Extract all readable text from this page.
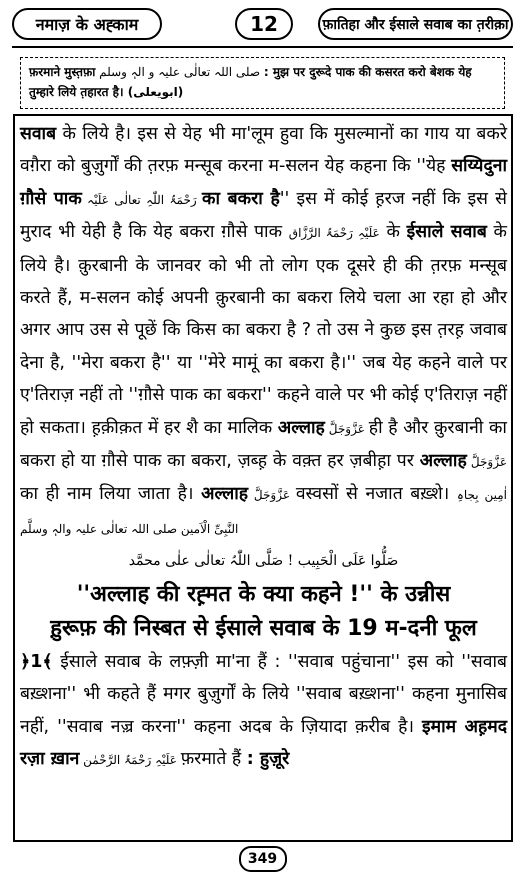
नमाज़ के अह्काम	12	फ़ातिहा और ईसाले सवाब का त़रीक़ा
फ़रमाने मुस्त़फ़ा صلی اللہ تعالٰی علیہ و الہٖ وسلم : मुझ पर दुरूदे पाक की कसरत करो बेशक येह तुम्हारे लिये त़हारत है। (ابویعلی)

सवाब के लिये है। इस से येह भी मा'लूम हुवा कि मुसल्मानों का गाय या बकरे वग़ैरा को बुज़ुर्गों की त़रफ़ मन्सूब करना म-सलन येह कहना कि ''येह सय्यिदुना ग़ौसे पाक رَحْمَۃُ اللّٰہِ تعالٰی عَلَیْہ का बकरा है'' इस में कोई ह़रज नहीं कि इस से मुराद भी येही है कि येह बकरा ग़ौसे पाक عَلَیْہِ رَحْمَۃُ الرَّزَّاق के ईसाले सवाब के लिये है। क़ुरबानी के जानवर को भी तो लोग एक दूसरे ही की त़रफ़ मन्सूब करते हैं, म-सलन कोई अपनी क़ुरबानी का बकरा लिये चला आ रहा हो और अगर आप उस से पूछें कि किस का बकरा है ? तो उस ने कुछ इस त़रह़ जवाब देना है, ''मेरा बकरा है'' या ''मेरे मामूं का बकरा है।'' जब येह कहने वाले पर ए'तिराज़ नहीं तो ''ग़ौसे पाक का बकरा'' कहने वाले पर भी कोई ए'तिराज़ नहीं हो सकता। ह़क़ीक़त में हर शै का मालिक अल्लाह عَزَّوَجَلَّ ही है और क़ुरबानी का बकरा हो या ग़ौसे पाक का बकरा, ज़ब्ह़ के वक़्त हर ज़बीह़ा पर अल्लाह عَزَّوَجَلَّ का ही नाम लिया जाता है। अल्लाह عَزَّوَجَلَّ वस्वसों से नजात बख़्शे। اٰمِین بِجاہِ النَّبِیِّ الْاَمین صلی اللہ تعالٰی علیہ والہٖ وسلَّم

صَلُّوا عَلَی الْحَبِیب ! صَلَّی اللّٰہُ تعالٰی علٰی محمَّد

''अल्लाह की रह़्मत के क्या कहने !'' के उन्नीस

ह़ुरूफ़ की निस्बत से ईसाले सवाब के 19 म-दनी फूल

﴿1﴾ ईसाले सवाब के लफ़्ज़ी मा'ना हैं : ''सवाब पहुंचाना'' इस को ''सवाब बख़्शना'' भी कहते हैं मगर बुज़ुर्गों के लिये ''सवाब बख़्शना'' कहना मुनासिब नहीं, ''सवाब नज़्र करना'' कहना अदब के ज़ियादा क़रीब है। इमाम अह़मद रज़ा ख़ान عَلَیْہِ رَحْمَۃُ الرَّحْمٰن फ़रमाते हैं : हुज़ूरे

349
